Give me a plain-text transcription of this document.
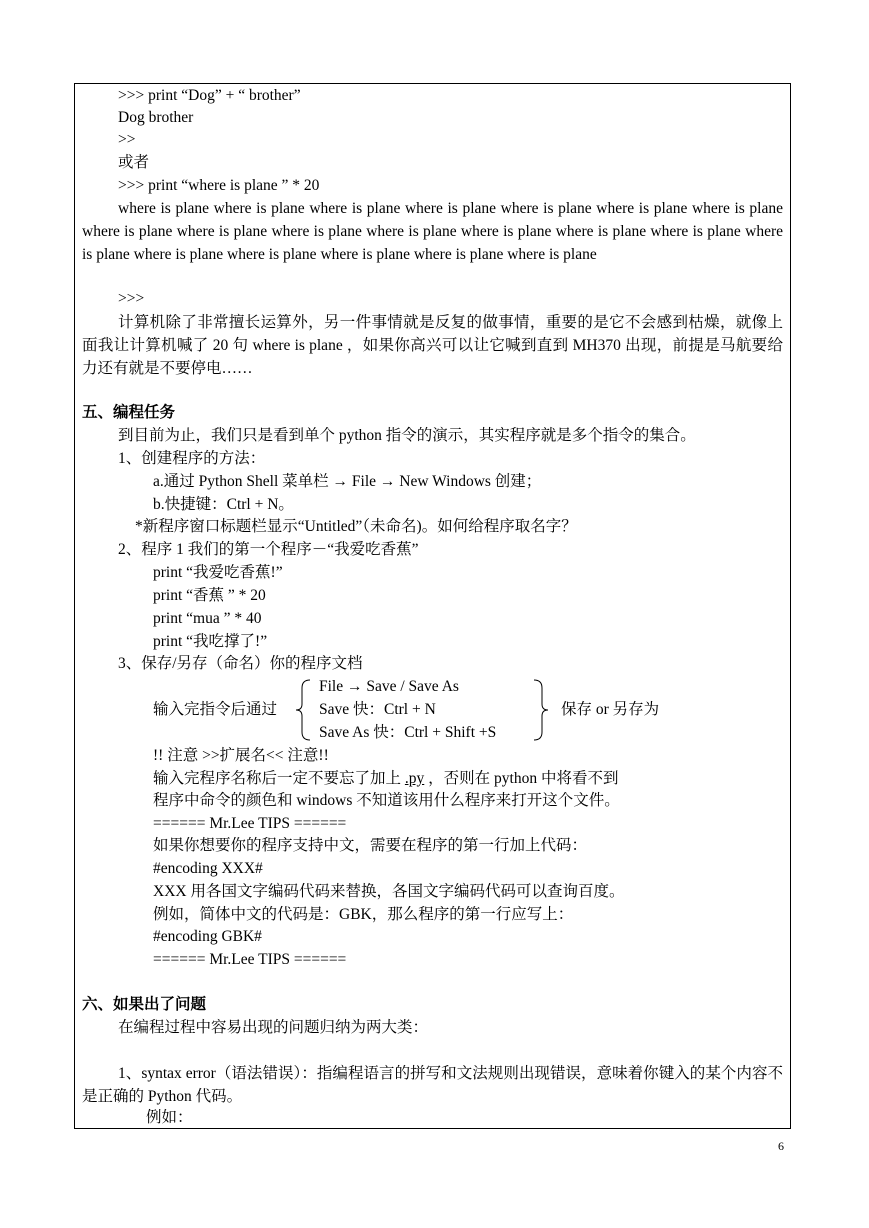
>>> print “Dog” + “ brother”
Dog brother
>>
或者
>>> print “where is plane ” * 20
where is plane where is plane where is plane where is plane where is plane where is plane where is plane where is plane where is plane where is plane where is plane where is plane where is plane where is plane where is plane where is plane where is plane where is plane where is plane where is plane
>>>
计算机除了非常擅长运算外，另一件事情就是反复的做事情，重要的是它不会感到枯燥，就像上面我让计算机喊了 20 句 where is plane ，如果你高兴可以让它喊到直到 MH370 出现，前提是马航要给力还有就是不要停电……
五、编程任务
到目前为止，我们只是看到单个 python 指令的演示，其实程序就是多个指令的集合。
1、创建程序的方法：
a.通过 Python Shell 菜单栏 → File → New Windows 创建；
b.快捷键：Ctrl + N。
*新程序窗口标题栏显示“Untitled”（未命名)。如何给程序取名字？
2、程序 1 我们的第一个程序－“我爱吃香蕉”
print “我爱吃香蕉!”
print “香蕉 ” * 20
print “mua ” * 40
print “我吃撑了!”
3、保存/另存（命名）你的程序文档
输入完指令后通过
File → Save / Save As
Save 快：Ctrl + N
Save As 快：Ctrl + Shift +S
保存 or 另存为
!! 注意 >>扩展名<< 注意!!
输入完程序名称后一定不要忘了加上 .py ，否则在 python 中将看不到
程序中命令的颜色和 windows 不知道该用什么程序来打开这个文件。
====== Mr.Lee TIPS ======
如果你想要你的程序支持中文，需要在程序的第一行加上代码：
#encoding XXX#
XXX 用各国文字编码代码来替换，各国文字编码代码可以查询百度。
例如，简体中文的代码是：GBK，那么程序的第一行应写上：
#encoding GBK#
====== Mr.Lee TIPS ======
六、如果出了问题
在编程过程中容易出现的问题归纳为两大类：
1、syntax error（语法错误）：指编程语言的拼写和文法规则出现错误，意味着你键入的某个内容不是正确的 Python 代码。
例如：
6
